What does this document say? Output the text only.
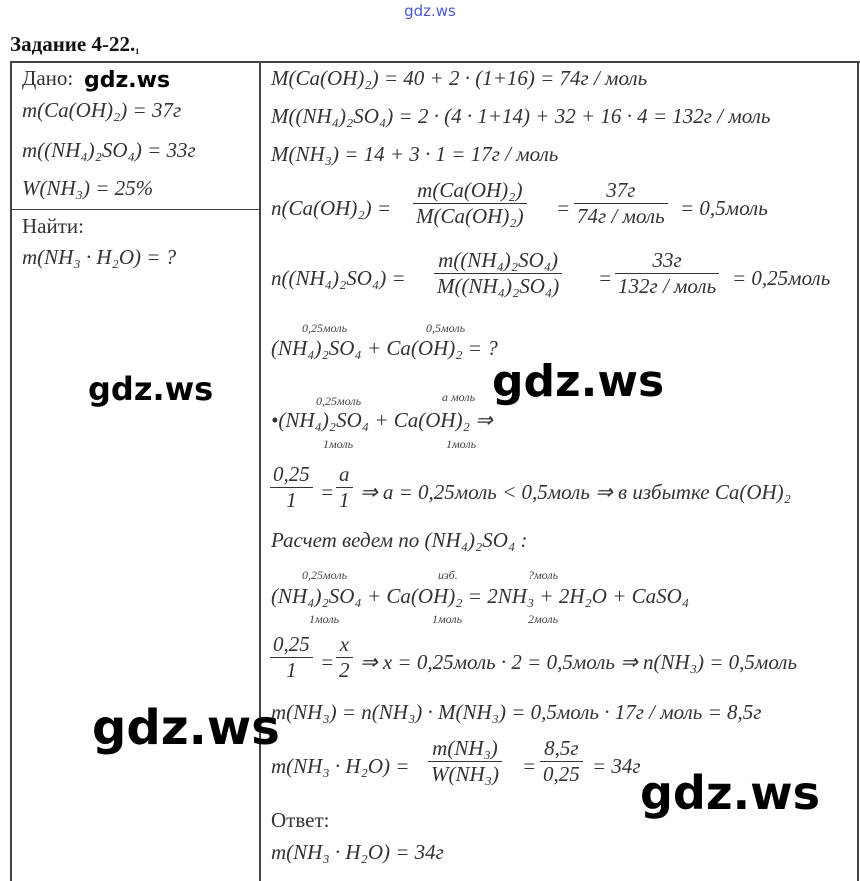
gdz.ws
Задание 4-22.₁
Дано:
m(Ca(OH)₂) = 37г
m((NH₄)₂SO₄) = 33г
W(NH₃) = 25%
Найти:
m(NH₃ · H₂O) = ?
M(Ca(OH)₂) = 40 + 2 · (1+16) = 74г / моль
M((NH₄)₂SO₄) = 2 · (4 · 1+14) + 32 + 16 · 4 = 132г / моль
M(NH₃) = 14 + 3 · 1 = 17г / моль
n(Ca(OH)₂) =
m(Ca(OH)₂)
M(Ca(OH)₂) =
37г
74г / моль = 0,5моль
n((NH₄)₂SO₄) =
m((NH₄)₂SO₄)
M((NH₄)₂SO₄) =
33г
132г / моль = 0,25моль
0,25моль	0,5моль
(NH₄)₂SO₄ + Ca(OH)₂ = ?
0,25моль	a моль
•(NH₄)₂SO₄ + Ca(OH)₂ ⇒
1моль	1моль
0,25
1 =
a
1 ⇒ a = 0,25моль < 0,5моль ⇒ в избытке Ca(OH)₂
Расчет ведем по (NH₄)₂SO₄ :
0,25моль	изб.	?моль
(NH₄)₂SO₄ + Ca(OH)₂ = 2NH₃ + 2H₂O + CaSO₄
1моль	1моль	2моль
0,25
1 =
x
2 ⇒ x = 0,25моль · 2 = 0,5моль ⇒ n(NH₃) = 0,5моль
m(NH₃) = n(NH₃) · M(NH₃) = 0,5моль · 17г / моль = 8,5г
m(NH₃ · H₂O) =
m(NH₃)
W(NH₃) =
8,5г
0,25 = 34г
Ответ:
m(NH₃ · H₂O) = 34г
gdz.ws
gdz.ws	gdz.ws
gdz.ws
gdz.ws
